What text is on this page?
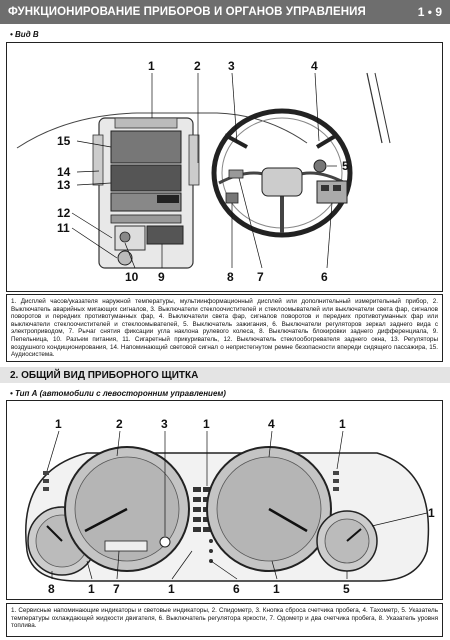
ФУНКЦИОНИРОВАНИЕ ПРИБОРОВ И ОРГАНОВ УПРАВЛЕНИЯ	1 • 9
• Вид В
1	2 3	4
5
6
7
8
9
10
11
12
13
14
15
1. Дисплей часов/указателя наружной температуры, мультиинформационный дисплей или дополнительный измерительный прибор, 2. Выключатель аварийных мигающих сигналов, 3. Выключатели стеклоочистителей и стеклоомывателей или выключатели света фар, сигналов поворотов и передних противотуманных фар, 4. Выключатели света фар, сигналов поворотов и передних противотуманных фар или выключатели стеклоочистителей и стеклоомывателей, 5. Выключатель зажигания, 6. Выключатели регуляторов зеркал заднего вида с электроприводом, 7. Рычаг снятия фиксации угла наклона рулевого колеса, 8. Выключатель блокировки заднего дифференциала, 9. Пепельница, 10. Разъем питания, 11. Сигаретный прикуриватель, 12. Выключатель стеклообогревателя заднего окна, 13. Регуляторы воздушного кондиционирования, 14. Напоминающий световой сигнал о непристегнутом ремне безопасности впереди сидящего пассажира, 15. Аудиосистема.
2. ОБЩИЙ ВИД ПРИБОРНОГО ЩИТКА
• Тип А (автомобили с левосторонним управлением)
1	2	3	1	4	1
1
8	1 7	1	6	1	5
1. Сервисные напоминающие индикаторы и световые индикаторы, 2. Спидометр, 3. Кнопка сброса счетчика пробега, 4. Тахометр, 5. Указатель температуры охлаждающей жидкости двигателя, 6. Выключатель регулятора яркости, 7. Одометр и два счетчика пробега, 8. Указатель уровня топлива.
